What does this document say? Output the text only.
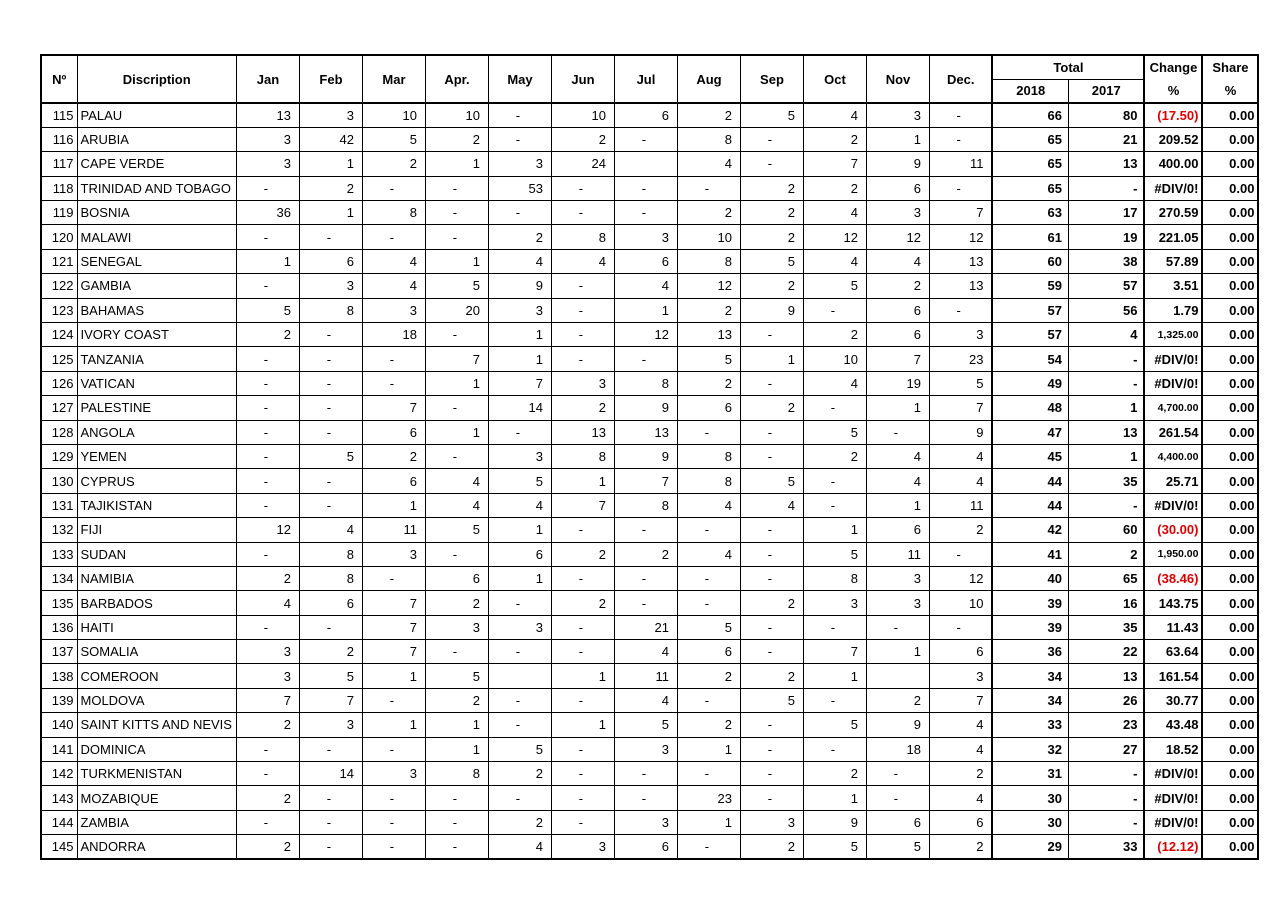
Nº	Discription	Jan	Feb	Mar	Apr.	May	Jun	Jul	Aug	Sep	Oct	Nov	Dec.	Total		Change	Share
														2018	2017	%	%
115	PALAU	13	3	10	10	-	10	6	2	5	4	3	-	66	80	(17.50)	0.00
116	ARUBIA	3	42	5	2	-	2	-	8	-	2	1	-	65	21	209.52	0.00
117	CAPE VERDE	3	1	2	1	3	24		4	-	7	9	11	65	13	400.00	0.00
118	TRINIDAD AND TOBAGO	-	2	-	-	53	-	-	-	2	2	6	-	65	-	#DIV/0!	0.00
119	BOSNIA	36	1	8	-	-	-	-	2	2	4	3	7	63	17	270.59	0.00
120	MALAWI	-	-	-	-	2	8	3	10	2	12	12	12	61	19	221.05	0.00
121	SENEGAL	1	6	4	1	4	4	6	8	5	4	4	13	60	38	57.89	0.00
122	GAMBIA	-	3	4	5	9	-	4	12	2	5	2	13	59	57	3.51	0.00
123	BAHAMAS	5	8	3	20	3	-	1	2	9	-	6	-	57	56	1.79	0.00
124	IVORY COAST	2	-	18	-	1	-	12	13	-	2	6	3	57	4	1,325.00	0.00
125	TANZANIA	-	-	-	7	1	-	-	5	1	10	7	23	54	-	#DIV/0!	0.00
126	VATICAN	-	-	-	1	7	3	8	2	-	4	19	5	49	-	#DIV/0!	0.00
127	PALESTINE	-	-	7	-	14	2	9	6	2	-	1	7	48	1	4,700.00	0.00
128	ANGOLA	-	-	6	1	-	13	13	-	-	5	-	9	47	13	261.54	0.00
129	YEMEN	-	5	2	-	3	8	9	8	-	2	4	4	45	1	4,400.00	0.00
130	CYPRUS	-	-	6	4	5	1	7	8	5	-	4	4	44	35	25.71	0.00
131	TAJIKISTAN	-	-	1	4	4	7	8	4	4	-	1	11	44	-	#DIV/0!	0.00
132	FIJI	12	4	11	5	1	-	-	-	-	1	6	2	42	60	(30.00)	0.00
133	SUDAN	-	8	3	-	6	2	2	4	-	5	11	-	41	2	1,950.00	0.00
134	NAMIBIA	2	8	-	6	1	-	-	-	-	8	3	12	40	65	(38.46)	0.00
135	BARBADOS	4	6	7	2	-	2	-	-	2	3	3	10	39	16	143.75	0.00
136	HAITI	-	-	7	3	3	-	21	5	-	-	-	-	39	35	11.43	0.00
137	SOMALIA	3	2	7	-	-	-	4	6	-	7	1	6	36	22	63.64	0.00
138	COMEROON	3	5	1	5		1	11	2	2	1		3	34	13	161.54	0.00
139	MOLDOVA	7	7	-	2	-	-	4	-	5	-	2	7	34	26	30.77	0.00
140	SAINT KITTS AND NEVIS	2	3	1	1	-	1	5	2	-	5	9	4	33	23	43.48	0.00
141	DOMINICA	-	-	-	1	5	-	3	1	-	-	18	4	32	27	18.52	0.00
142	TURKMENISTAN	-	14	3	8	2	-	-	-	-	2	-	2	31	-	#DIV/0!	0.00
143	MOZABIQUE	2	-	-	-	-	-	-	23	-	1	-	4	30	-	#DIV/0!	0.00
144	ZAMBIA	-	-	-	-	2	-	3	1	3	9	6	6	30	-	#DIV/0!	0.00
145	ANDORRA	2	-	-	-	4	3	6	-	2	5	5	2	29	33	(12.12)	0.00
